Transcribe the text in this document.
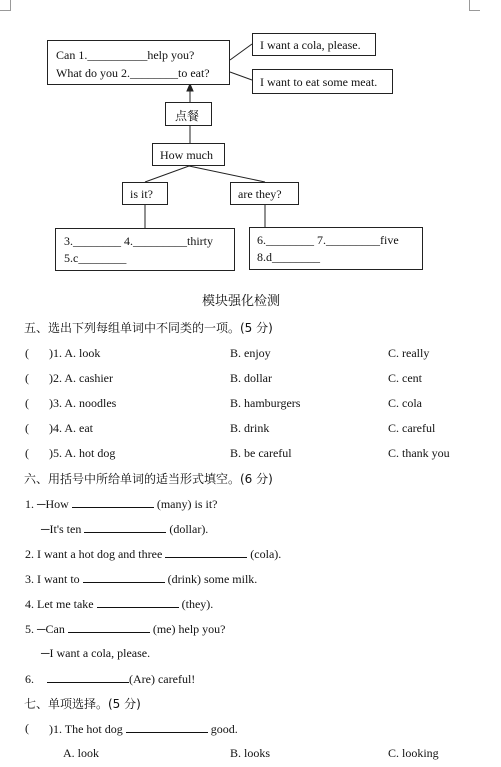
Can 1.__________help you?
What do you 2.________to eat?
I want a cola, please.
I want to eat some meat.
点餐
How much
is it?	are they?
3.________ 4._________thirty
5.c________
6.________ 7._________five
8.d________
模块强化检测
五、选出下列每组单词中不同类的一项。(5 分)
( )1. A. look	B. enjoy	C. really
( )2. A. cashier	B. dollar	C. cent
( )3. A. noodles	B. hamburgers	C. cola
( )4. A. eat	B. drink	C. careful
( )5. A. hot dog	B. be careful	C. thank you
六、用括号中所给单词的适当形式填空。(6 分)
1. ─How	(many) is it?
─It's ten	(dollar).
2. I want a hot dog and three	(cola).
3. I want to	(drink) some milk.
4. Let me take	(they).
5. ─Can	(me) help you?
─I want a cola, please.
6.	(Are) careful!
七、单项选择。(5 分)
( )1. The hot dog	good.
A. look	B. looks	C. looking
